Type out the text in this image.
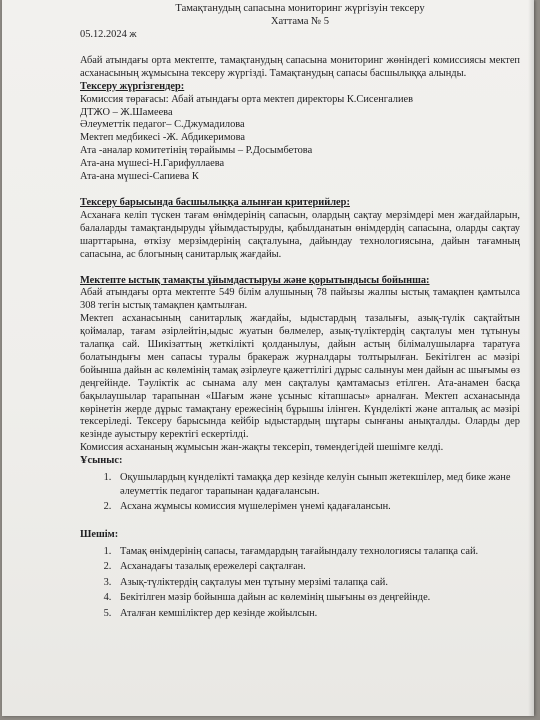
Тамақтанудың сапасына мониторинг жүргізуін тексеру
Хаттама № 5
05.12.2024 ж

Абай атындағы орта мектепте, тамақтанудың сапасына мониторинг жөніндегі комиссиясы мектеп асханасының жұмысына тексеру жүргізді. Тамақтанудың сапасы басшылыққа алынды.

Тексеру жүргізгендер:

Комиссия төрағасы: Абай атындағы орта мектеп директоры К.Сисенгалиев

ДТЖО – Ж.Шамеева

Әлеуметтік педагог– С.Джумадилова

Мектеп медбикесі -Ж. Абдикеримова

Ата -аналар комитетінің төрайымы – Р.Досымбетова

Ата-ана мүшесі-Н.Гарифуллаева

Ата-ана мүшесі-Сапиева К

Тексеру барысында басшылыққа алынған критерийлер:

Асханаға келіп түскен тағам өнімдерінің сапасын, олардың сақтау мерзімдері мен жағдайларын, балаларды тамақтандыруды ұйымдастыруды, қабылданатын өнімдердің сапасына, оларды сақтау шарттарына, өткізу мерзімдерінің сақталуына, дайындау технологиясына, дайын тағамның сапасына, ас блогының санитарлық жағдайы.

Мектепте ыстық тамақты ұйымдастыруы және қорытындысы бойынша:

Абай атындағы орта мектепте 549 білім алушының 78 пайызы жалпы ыстық тамақпен қамтылса 308 тегін ыстық тамақпен қамтылған.

Мектеп асханасының санитарлық жағдайы, ыдыстардың тазалығы, азық-түлік сақтайтын қоймалар, тағам әзірлейтін,ыдыс жуатын бөлмелер, азық-түліктердің сақталуы мен тұтынуы талапқа сай. Шикізаттың жеткілікті қолданылуы, дайын астың білімалушыларға таратуға болатындығы мен сапасы туралы бракераж журналдары толтырылған. Бекітілген ас мәзірі бойынша дайын ас көлемінің тамақ әзірлеуге қажеттілігі дұрыс салынуы мен дайын ас шығымы өз деңгейінде. Тәуліктік ас сынама алу мен сақталуы қамтамасыз етілген. Ата-анамен басқа бақылаушылар тарапынан «Шағым және ұсыныс кітапшасы» арналған. Мектеп асханасында көрінетін жерде дұрыс тамақтану ережесінің бұрышы ілінген. Күнделікті және апталық ас мәзірі тексеріледі. Тексеру барысында кейбір ыдыстардың шұтары сынғаны анықталды. Оларды дер кезінде ауыстыру керектігі ескертілді.

Комиссия асхананың жұмысын жан-жақты тексеріп, төмендегідей шешімге келді.

Ұсыныс:

1. Оқушылардың күнделікті тамаққа дер кезінде келуін сынып жетекшілер, мед бике және әлеуметтік педагог тарапынан қадағалансын.
2. Асхана жұмысы комиссия мүшелерімен үнемі қадағалансын.

Шешім:

1. Тамақ өнімдерінің сапасы, тағамдардың тағайындалу технологиясы талапқа сай.
2. Асханадағы тазалық ережелері сақталған.
3. Азық-түліктердің сақталуы мен тұтыну мерзімі талапқа сай.
4. Бекітілген мәзір бойынша дайын ас көлемінің шығыны өз деңгейінде.
5. Аталған кемшіліктер дер кезінде жойылсын.
